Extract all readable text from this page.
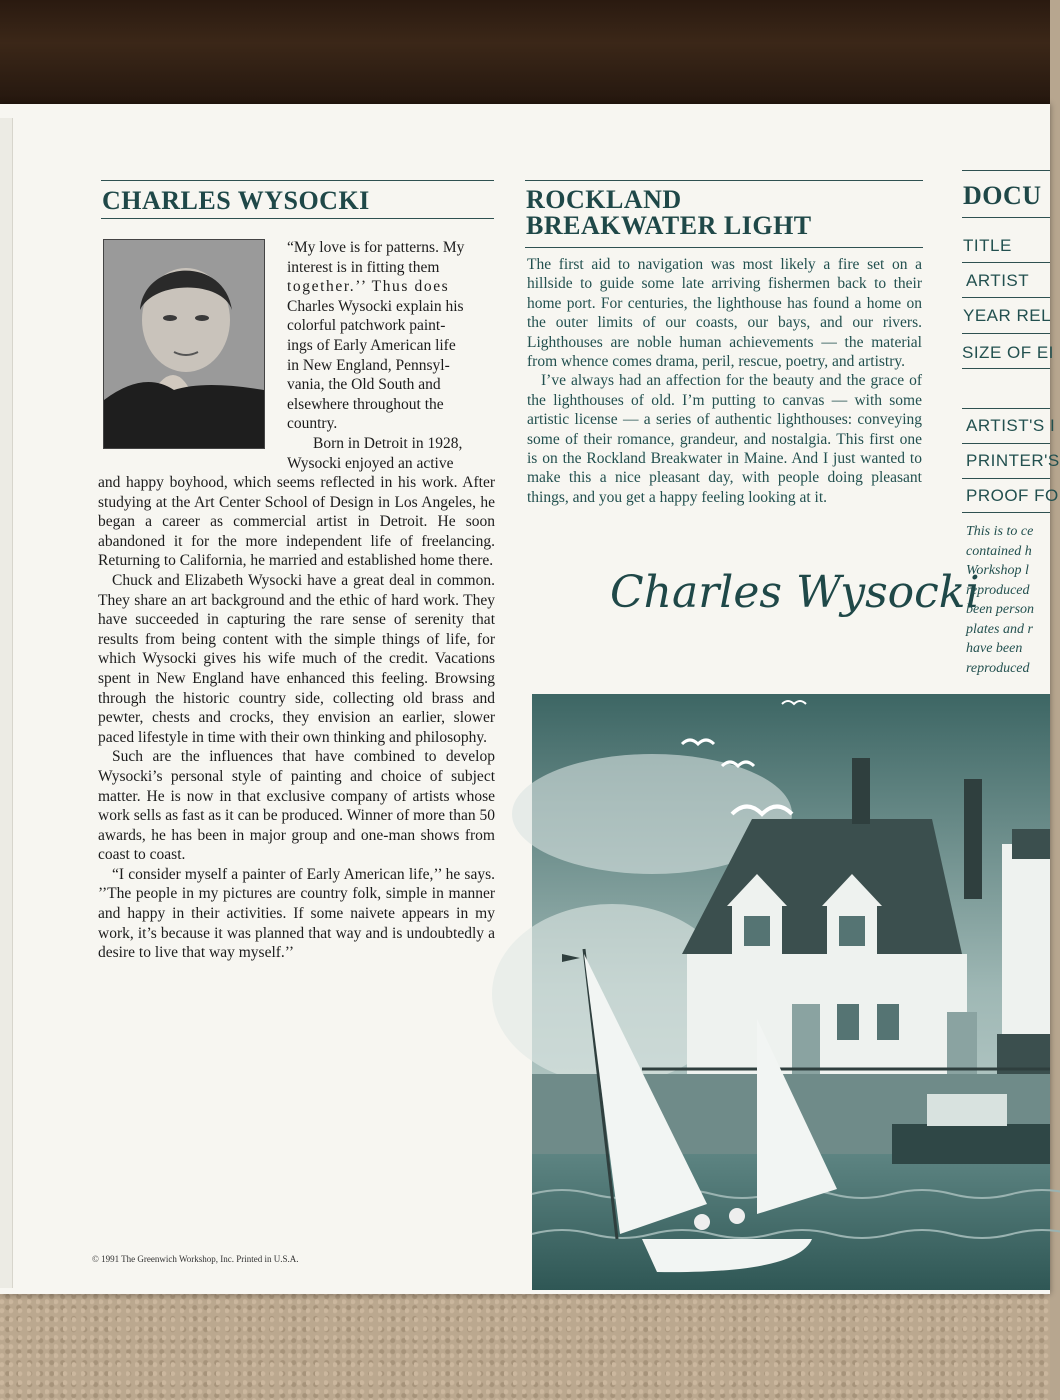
CHARLES WYSOCKI
“My love is for patterns. My
interest is in fitting them
together.’’ Thus does
Charles Wysocki explain his
colorful patchwork paint-
ings of Early American life
in New England, Pennsyl-
vania, the Old South and
elsewhere throughout the
country.
Born in Detroit in 1928,
Wysocki enjoyed an active

and happy boyhood, which seems reflected in his work. After studying at the Art Center School of Design in Los Angeles, he began a career as commercial artist in Detroit. He soon abandoned it for the more independent life of freelancing. Returning to California, he married and established home there.

Chuck and Elizabeth Wysocki have a great deal in common. They share an art background and the ethic of hard work. They have succeeded in capturing the rare sense of serenity that results from being content with the simple things of life, for which Wysocki gives his wife much of the credit. Vacations spent in New England have enhanced this feeling. Browsing through the historic country side, collecting old brass and pewter, chests and crocks, they envision an earlier, slower paced lifestyle in time with their own thinking and philosophy.

Such are the influences that have combined to develop Wysocki’s personal style of painting and choice of subject matter. He is now in that exclusive company of artists whose work sells as fast as it can be produced. Winner of more than 50 awards, he has been in major group and one-man shows from coast to coast.

“I consider myself a painter of Early American life,’’ he says. ’’The people in my pictures are country folk, simple in manner and happy in their activities. If some naivete appears in my work, it’s because it was planned that way and is undoubtedly a desire to live that way myself.’’

© 1991 The Greenwich Workshop, Inc. Printed in U.S.A.
ROCKLAND
BREAKWATER LIGHT

The first aid to navigation was most likely a fire set on a hillside to guide some late arriving fishermen back to their home port. For centuries, the lighthouse has found a home on the outer limits of our coasts, our bays, and our rivers. Lighthouses are noble human achievements — the material from whence comes drama, peril, rescue, poetry, and artistry.

I’ve always had an affection for the beauty and the grace of the lighthouses of old. I’m putting to canvas — with some artistic license — a series of authentic lighthouses: conveying some of their romance, grandeur, and nostalgia. This first one is on the Rockland Breakwater in Maine. And I just wanted to make this a nice pleasant day, with people doing pleasant things, and you get a happy feeling looking at it.

Charles Wysocki
DOCU
TITLE
ARTIST
YEAR REL
SIZE OF EI
ARTIST'S I
PRINTER'S
PROOF FO
This is to ce
contained h
Workshop l
reproduced
been person
plates and r
have been
reproduced
